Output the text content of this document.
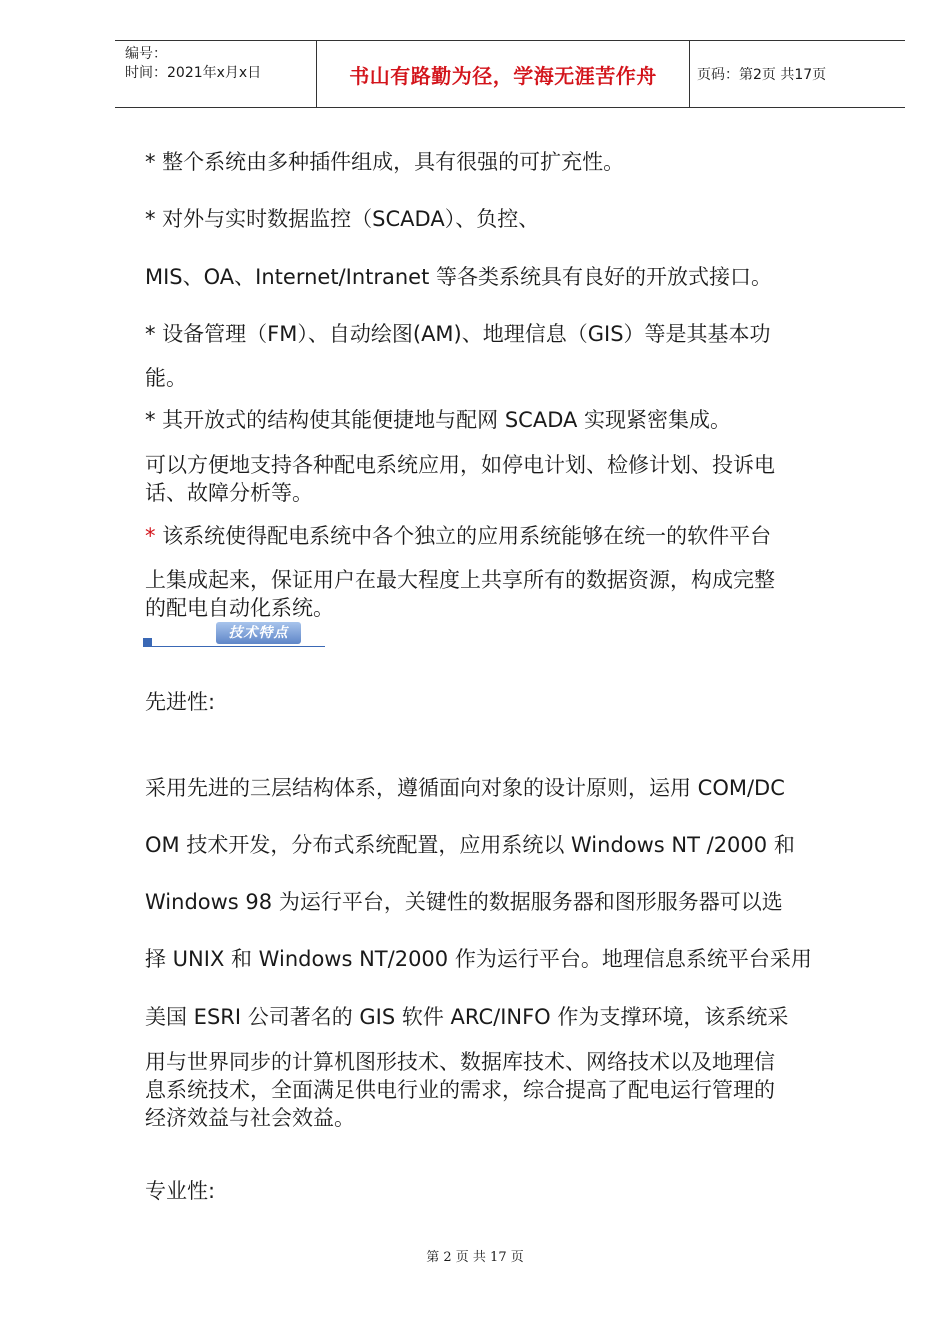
编号：
时间：2021年x月x日	书山有路勤为径，学海无涯苦作舟	页码：第2页 共17页
* 整个系统由多种插件组成，具有很强的可扩充性。
* 对外与实时数据监控（SCADA）、负控、
MIS、OA、Internet/Intranet 等各类系统具有良好的开放式接口。
* 设备管理（FM）、自动绘图(AM)、地理信息（GIS）等是其基本功
能。
* 其开放式的结构使其能便捷地与配网 SCADA 实现紧密集成。
可以方便地支持各种配电系统应用，如停电计划、检修计划、投诉电
话、故障分析等。
* 该系统使得配电系统中各个独立的应用系统能够在统一的软件平台
上集成起来，保证用户在最大程度上共享所有的数据资源，构成完整
的配电自动化系统。
技术特点
先进性:
采用先进的三层结构体系，遵循面向对象的设计原则，运用 COM/DC
OM 技术开发，分布式系统配置，应用系统以 Windows NT /2000 和
Windows 98 为运行平台，关键性的数据服务器和图形服务器可以选
择 UNIX 和 Windows NT/2000 作为运行平台。地理信息系统平台采用
美国 ESRI 公司著名的 GIS 软件 ARC/INFO 作为支撑环境，该系统采
用与世界同步的计算机图形技术、数据库技术、网络技术以及地理信
息系统技术，全面满足供电行业的需求，综合提高了配电运行管理的
经济效益与社会效益。
专业性:
第 2 页 共 17 页
